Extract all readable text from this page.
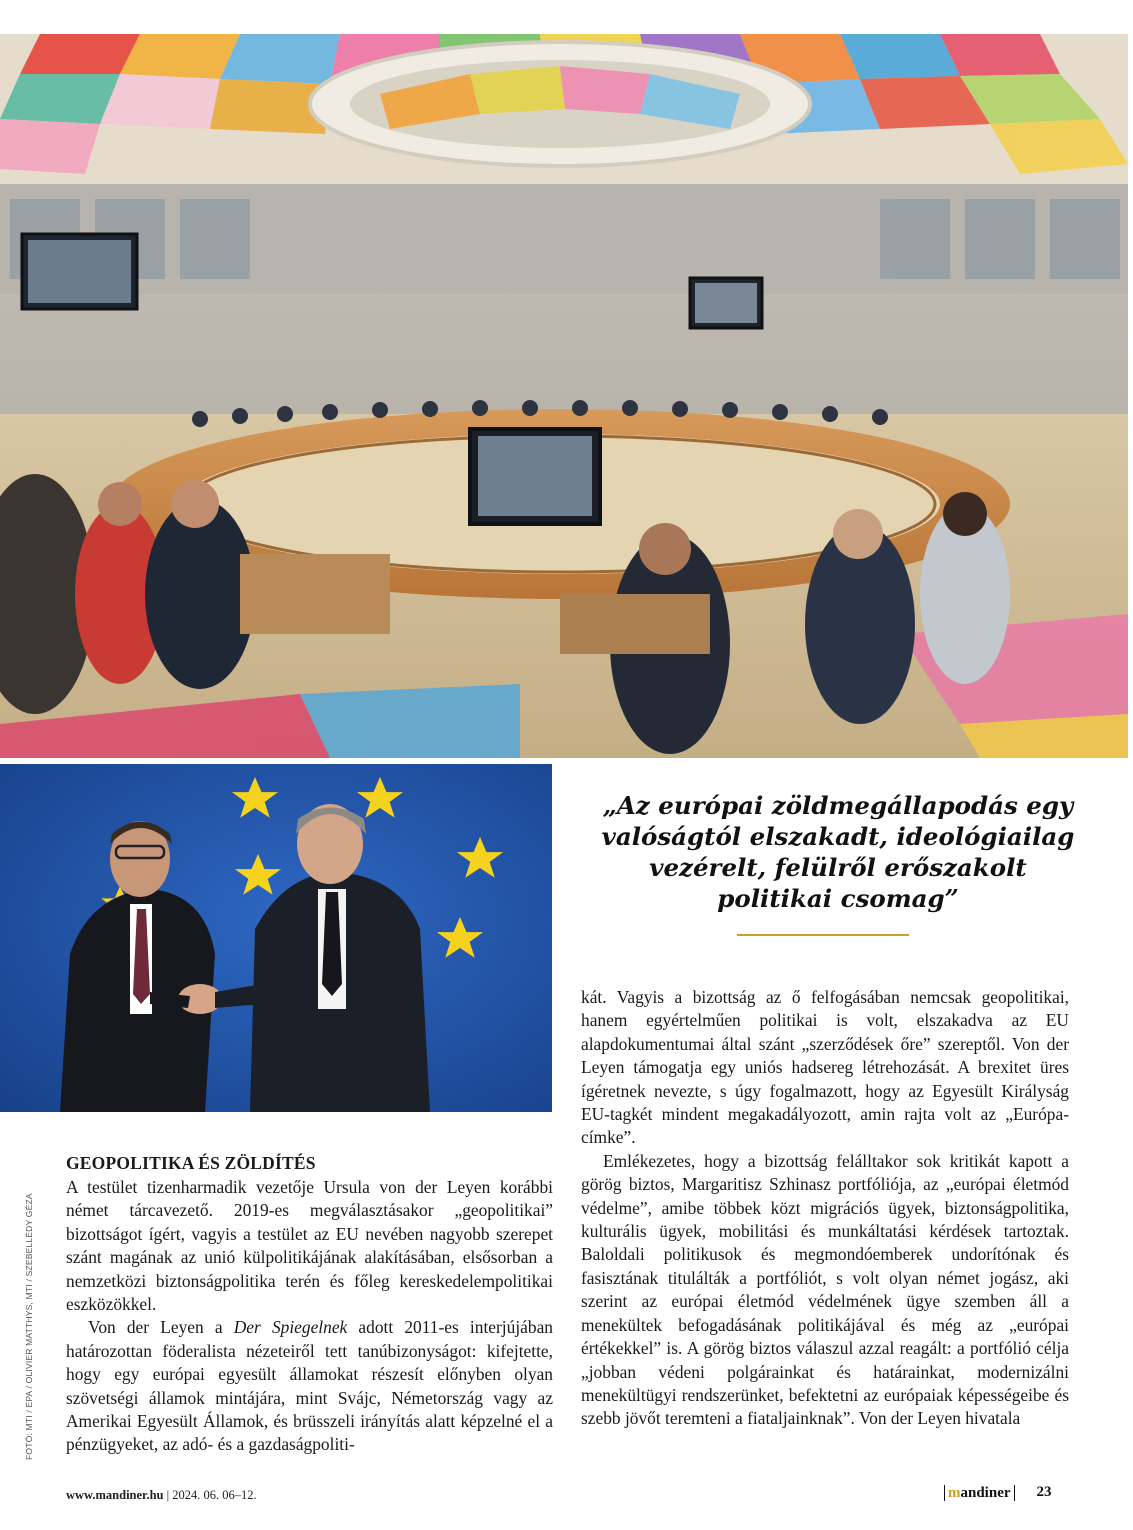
„Az európai zöldmegállapodás egy valóságtól elszakadt, ideológiailag vezérelt, felülről erőszakolt politikai csomag”
GEOPOLITIKA ÉS ZÖLDÍTÉS

A testület tizenharmadik vezetője Ursula von der Leyen korábbi német tárcavezető. 2019-es megválasztásakor „geopolitikai” bizottságot ígért, vagyis a testület az EU nevében nagyobb szerepet szánt magának az unió külpolitikájának alakításában, elsősorban a nemzetközi biztonságpolitika terén és főleg kereskedelempolitikai eszközökkel.

Von der Leyen a Der Spiegelnek adott 2011-es interjújában határozottan föderalista nézeteiről tett tanúbizonyságot: kifejtette, hogy egy európai egyesült államokat részesít előnyben olyan szövetségi államok mintájára, mint Svájc, Németország vagy az Amerikai Egyesült Államok, és brüsszeli irányítás alatt képzelné el a pénzügyeket, az adó- és a gazdaságpoliti-

kát. Vagyis a bizottság az ő felfogásában nemcsak geopolitikai, hanem egyértelműen politikai is volt, elszakadva az EU alapdokumentumai által szánt „szerződések őre” szereptől. Von der Leyen támogatja egy uniós hadsereg létrehozását. A brexitet üres ígéretnek nevezte, s úgy fogalmazott, hogy az Egyesült Királyság EU-tagkét mindent megakadályozott, amin rajta volt az „Európa-címke”.

Emlékezetes, hogy a bizottság felálltakor sok kritikát kapott a görög biztos, Margaritisz Szhinasz portfóliója, az „európai életmód védelme”, amibe többek közt migrációs ügyek, biztonságpolitika, kulturális ügyek, mobilitási és munkáltatási kérdések tartoztak. Baloldali politikusok és megmondóemberek undorítónak és fasisztának titulálták a portfóliót, s volt olyan német jogász, aki szerint az európai életmód védelmének ügye szemben áll a menekültek befogadásának politikájával és még az „európai értékekkel” is. A görög biztos válaszul azzal reagált: a portfólió célja „jobban védeni polgárainkat és határainkat, modernizálni menekültügyi rendszerünket, befektetni az európaiak képességeibe és szebb jövőt teremteni a fiataljainknak”. Von der Leyen hivatala

FOTÓ: MTI / EPA / OLIVIER MATTHYS, MTI / SZEBELLÉDY GÉZA
www.mandiner.hu | 2024. 06. 06–12.	mandiner 23
